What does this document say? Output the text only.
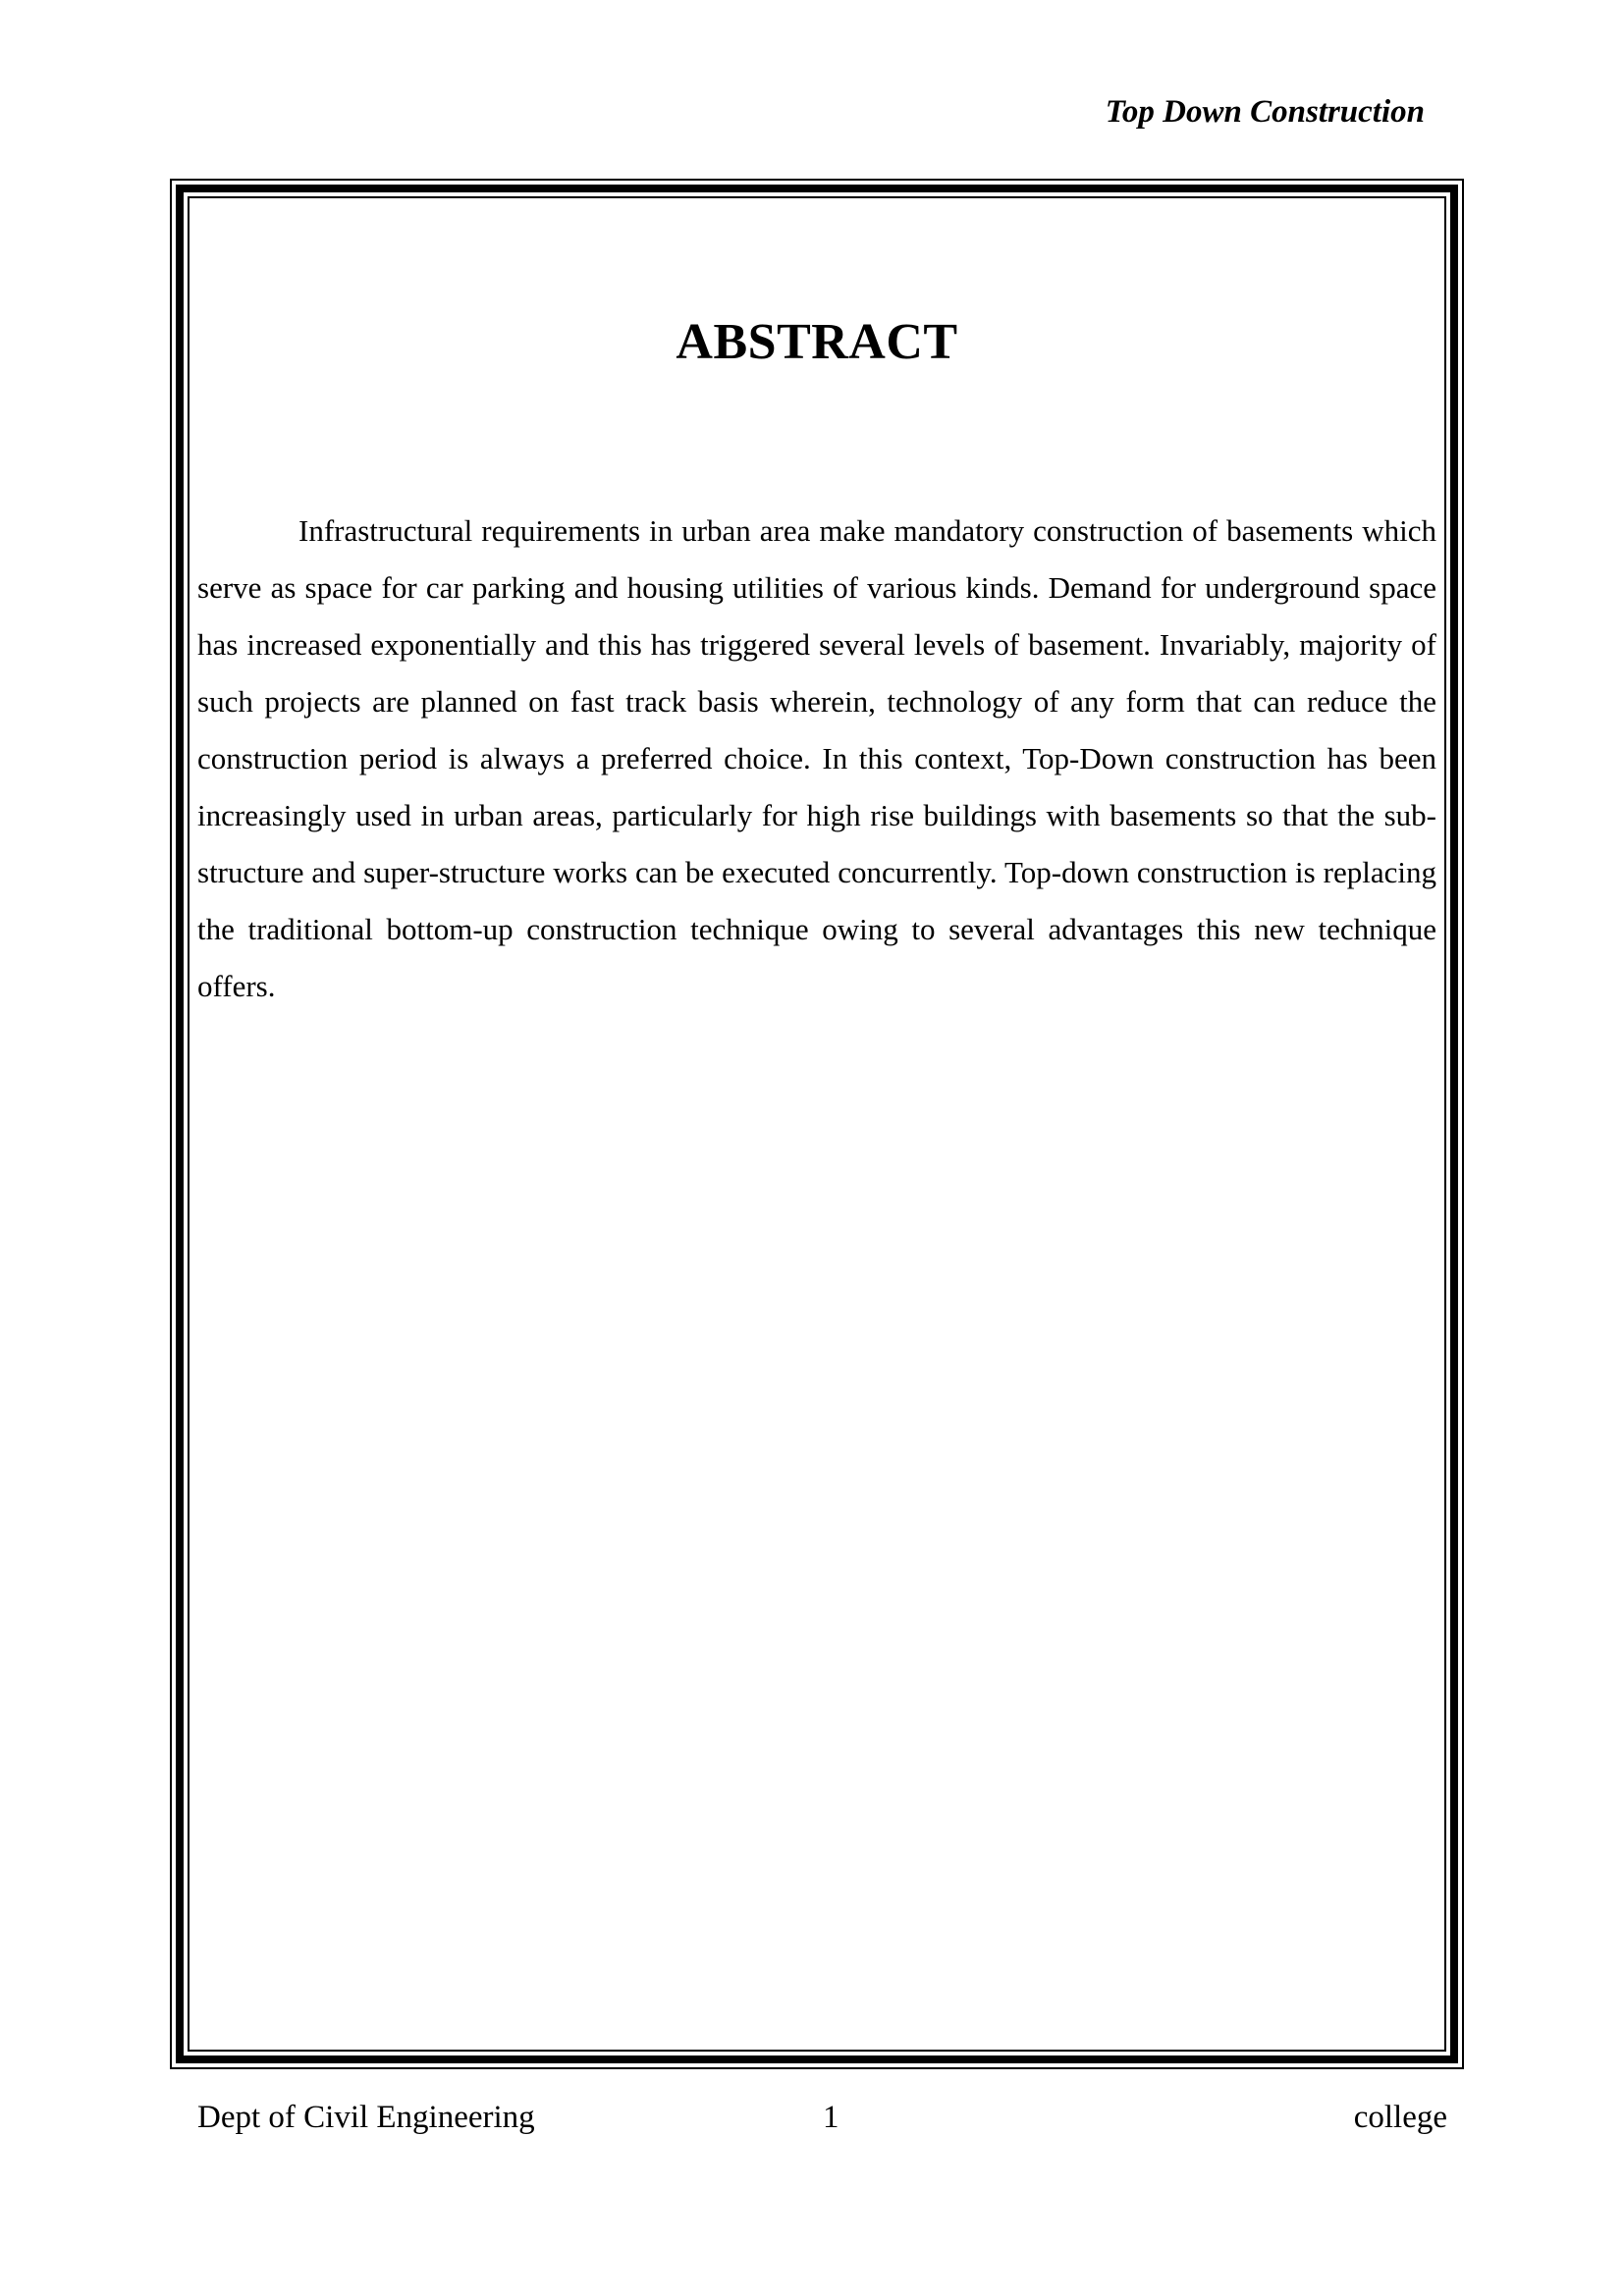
Top Down Construction
ABSTRACT

Infrastructural requirements in urban area make mandatory construction of basements which serve as space for car parking and housing utilities of various kinds. Demand for underground space has increased exponentially and this has triggered several levels of basement. Invariably, majority of such projects are planned on fast track basis wherein, technology of any form that can reduce the construction period is always a preferred choice. In this context, Top-Down construction has been increasingly used in urban areas, particularly for high rise buildings with basements so that the sub-structure and super-structure works can be executed concurrently. Top-down construction is replacing the traditional bottom-up construction technique owing to several advantages this new technique offers.

Dept of Civil Engineering	1	college
